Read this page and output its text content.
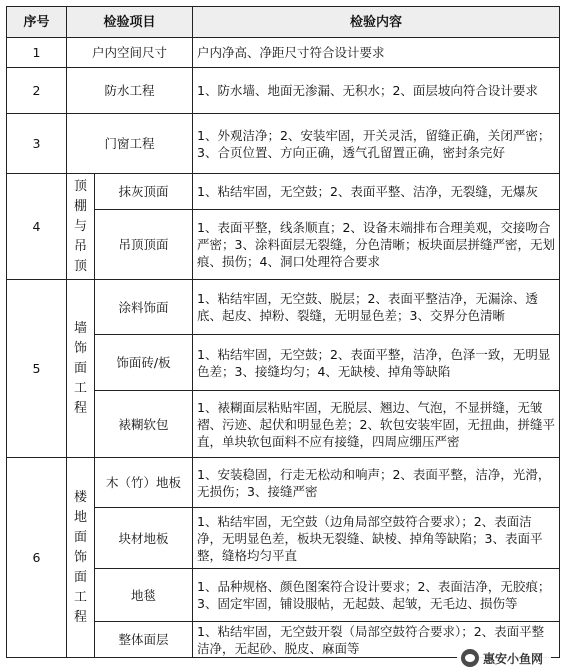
序号	检验项目		检验内容
1	户内空间尺寸		户内净高、净距尺寸符合设计要求
2	防水工程		1、防水墙、地面无渗漏、无积水；2、面层坡向符合设计要求
3	门窗工程		1、外观洁净；2、安装牢固，开关灵活，留缝正确，关闭严密；3、合页位置、方向正确，透气孔留置正确，密封条完好
4	顶棚与吊顶	抹灰顶面	1、粘结牢固，无空鼓；2、表面平整、洁净，无裂缝，无爆灰
		吊顶顶面	1、表面平整，线条顺直；2、设备末端排布合理美观，交接吻合严密；3、涂料面层无裂缝，分色清晰；板块面层拼缝严密，无划痕、损伤；4、洞口处理符合要求
5	墙饰面工程	涂料饰面	1、粘结牢固，无空鼓、脱层；2、表面平整洁净，无漏涂、透底、起皮、掉粉、裂缝，无明显色差；3、交界分色清晰
		饰面砖/板	1、粘结牢固，无空鼓；2、表面平整，洁净，色泽一致，无明显色差；3、接缝均匀；4、无缺棱、掉角等缺陷
		裱糊软包	1、裱糊面层粘贴牢固，无脱层、翘边、气泡，不显拼缝，无皱褶、污迹、起伏和明显色差；2、软包安装牢固，无扭曲，拼缝平直，单块软包面料不应有接缝，四周应绷压严密
6	楼地面饰面工程	木（竹）地板	1、安装稳固，行走无松动和响声；2、表面平整，洁净，光滑，无损伤；3、接缝严密
		块材地板	1、粘结牢固，无空鼓（边角局部空鼓符合要求）；2、表面洁净，无明显色差，板块无裂缝、缺棱、掉角等缺陷；3、表面平整，缝格均匀平直
		地毯	1、品种规格、颜色图案符合设计要求；2、表面洁净，无胶痕；3、固定牢固，铺设服帖，无起鼓、起皱，无毛边、损伤等
		整体面层	1、粘结牢固，无空鼓开裂（局部空鼓符合要求）；2、表面平整洁净，无起砂、脱皮、麻面等
惠安小鱼网
